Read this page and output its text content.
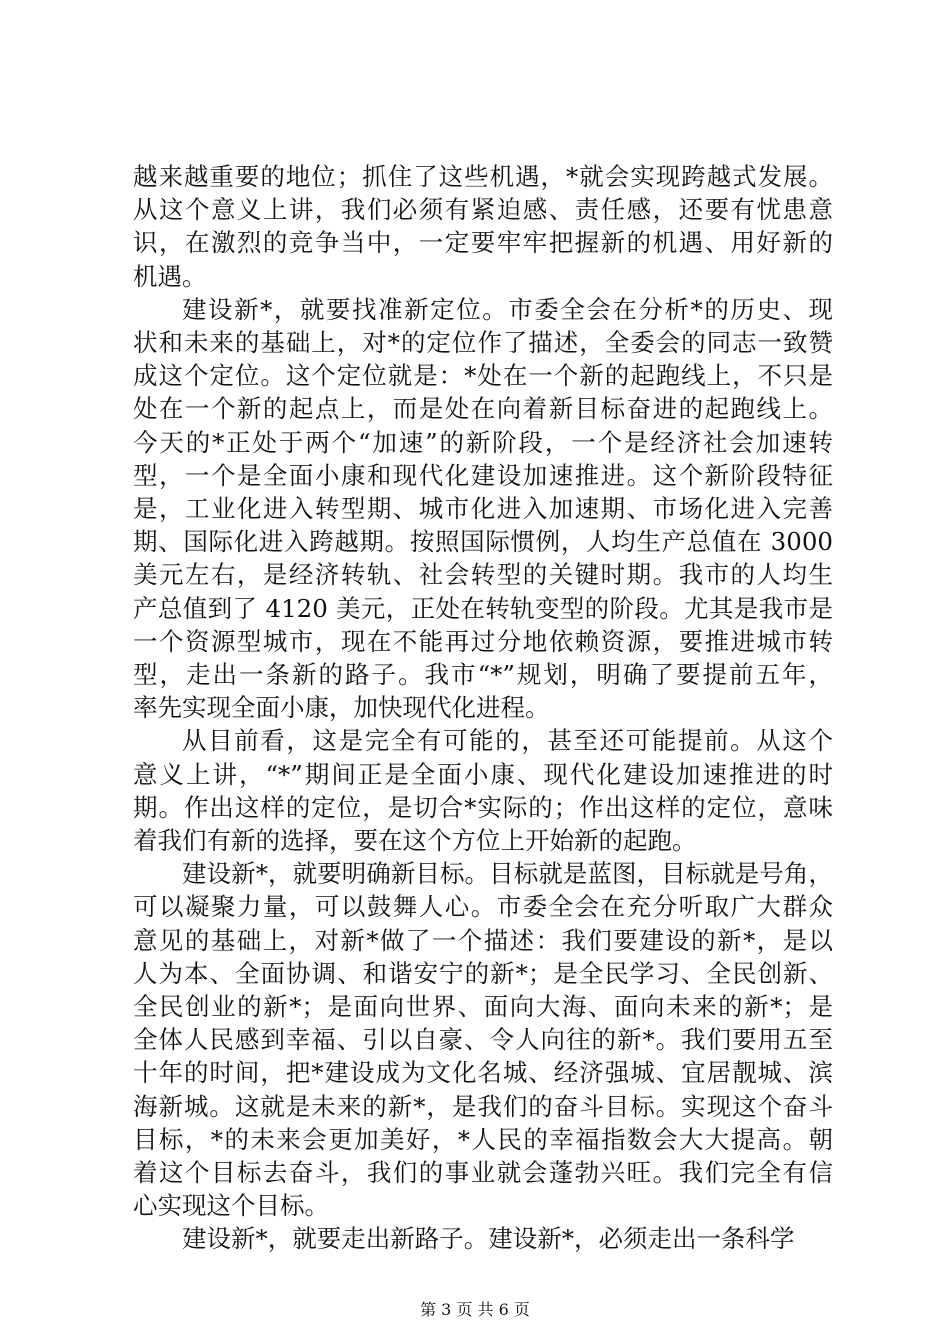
越来越重要的地位；抓住了这些机遇，*就会实现跨越式发展。
从这个意义上讲，我们必须有紧迫感、责任感，还要有忧患意
识，在激烈的竞争当中，一定要牢牢把握新的机遇、用好新的
机遇。
建设新*，就要找准新定位。市委全会在分析*的历史、现
状和未来的基础上，对*的定位作了描述，全委会的同志一致赞
成这个定位。这个定位就是：*处在一个新的起跑线上，不只是
处在一个新的起点上，而是处在向着新目标奋进的起跑线上。
今天的*正处于两个“加速”的新阶段，一个是经济社会加速转
型，一个是全面小康和现代化建设加速推进。这个新阶段特征
是，工业化进入转型期、城市化进入加速期、市场化进入完善
期、国际化进入跨越期。按照国际惯例，人均生产总值在 3000
美元左右，是经济转轨、社会转型的关键时期。我市的人均生
产总值到了 4120 美元，正处在转轨变型的阶段。尤其是我市是
一个资源型城市，现在不能再过分地依赖资源，要推进城市转
型，走出一条新的路子。我市“*”规划，明确了要提前五年，
率先实现全面小康，加快现代化进程。
从目前看，这是完全有可能的，甚至还可能提前。从这个
意义上讲，“*”期间正是全面小康、现代化建设加速推进的时
期。作出这样的定位，是切合*实际的；作出这样的定位，意味
着我们有新的选择，要在这个方位上开始新的起跑。
建设新*，就要明确新目标。目标就是蓝图，目标就是号角，
可以凝聚力量，可以鼓舞人心。市委全会在充分听取广大群众
意见的基础上，对新*做了一个描述：我们要建设的新*，是以
人为本、全面协调、和谐安宁的新*；是全民学习、全民创新、
全民创业的新*；是面向世界、面向大海、面向未来的新*；是
全体人民感到幸福、引以自豪、令人向往的新*。我们要用五至
十年的时间，把*建设成为文化名城、经济强城、宜居靓城、滨
海新城。这就是未来的新*，是我们的奋斗目标。实现这个奋斗
目标，*的未来会更加美好，*人民的幸福指数会大大提高。朝
着这个目标去奋斗，我们的事业就会蓬勃兴旺。我们完全有信
心实现这个目标。
建设新*，就要走出新路子。建设新*，必须走出一条科学
第 3 页 共 6 页
